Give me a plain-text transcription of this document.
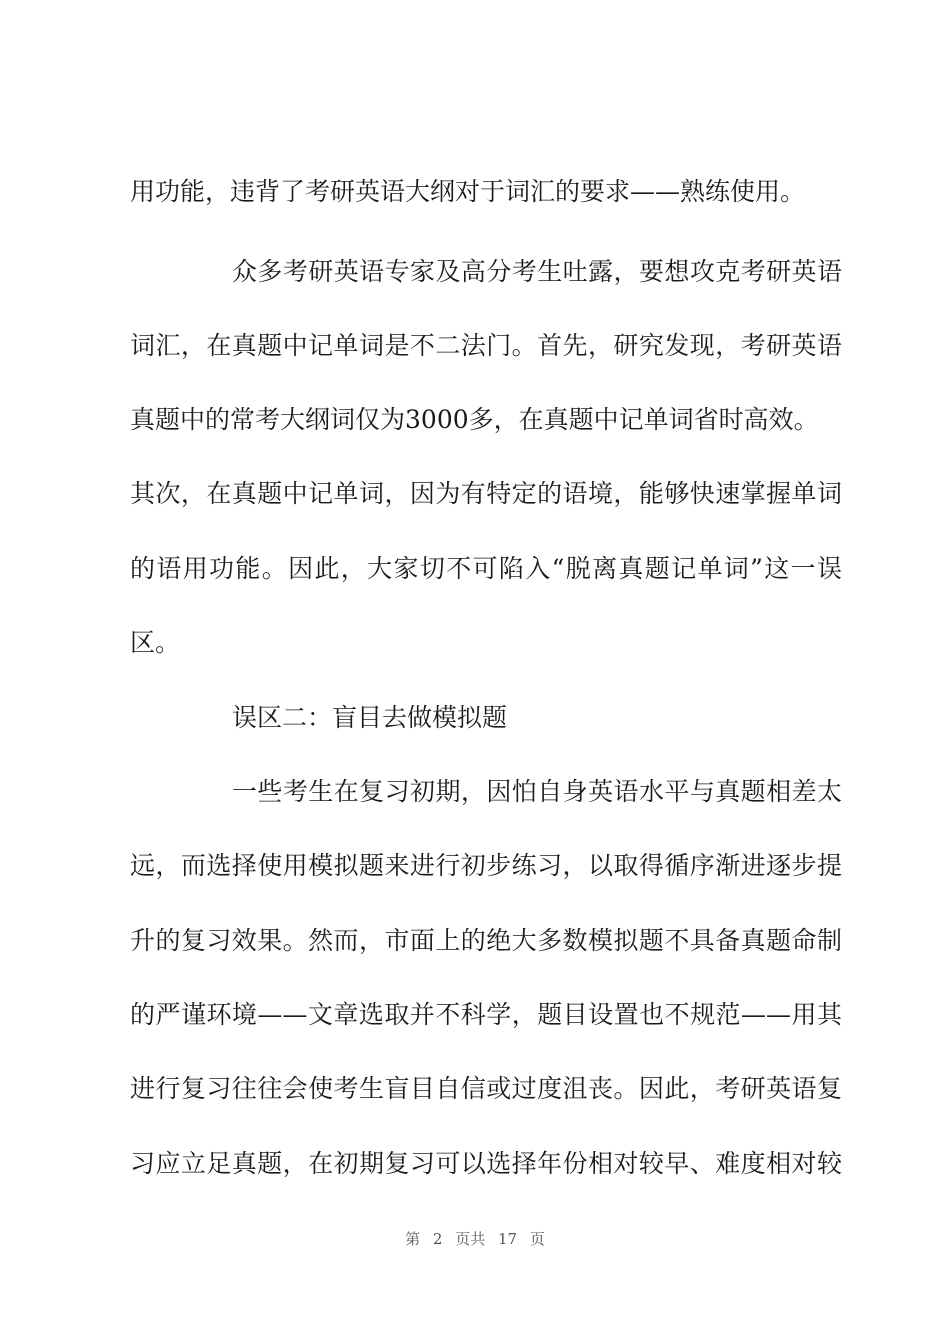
用功能，违背了考研英语大纲对于词汇的要求——熟练使用。
众多考研英语专家及高分考生吐露，要想攻克考研英语
词汇，在真题中记单词是不二法门。首先，研究发现，考研英语
真题中的常考大纲词仅为3000多，在真题中记单词省时高效。
其次，在真题中记单词，因为有特定的语境，能够快速掌握单词
的语用功能。因此，大家切不可陷入“脱离真题记单词”这一误
区。
误区二：盲目去做模拟题
一些考生在复习初期，因怕自身英语水平与真题相差太
远，而选择使用模拟题来进行初步练习，以取得循序渐进逐步提
升的复习效果。然而，市面上的绝大多数模拟题不具备真题命制
的严谨环境——文章选取并不科学，题目设置也不规范——用其
进行复习往往会使考生盲目自信或过度沮丧。因此，考研英语复
习应立足真题，在初期复习可以选择年份相对较早、难度相对较
第 2 页共 17 页
